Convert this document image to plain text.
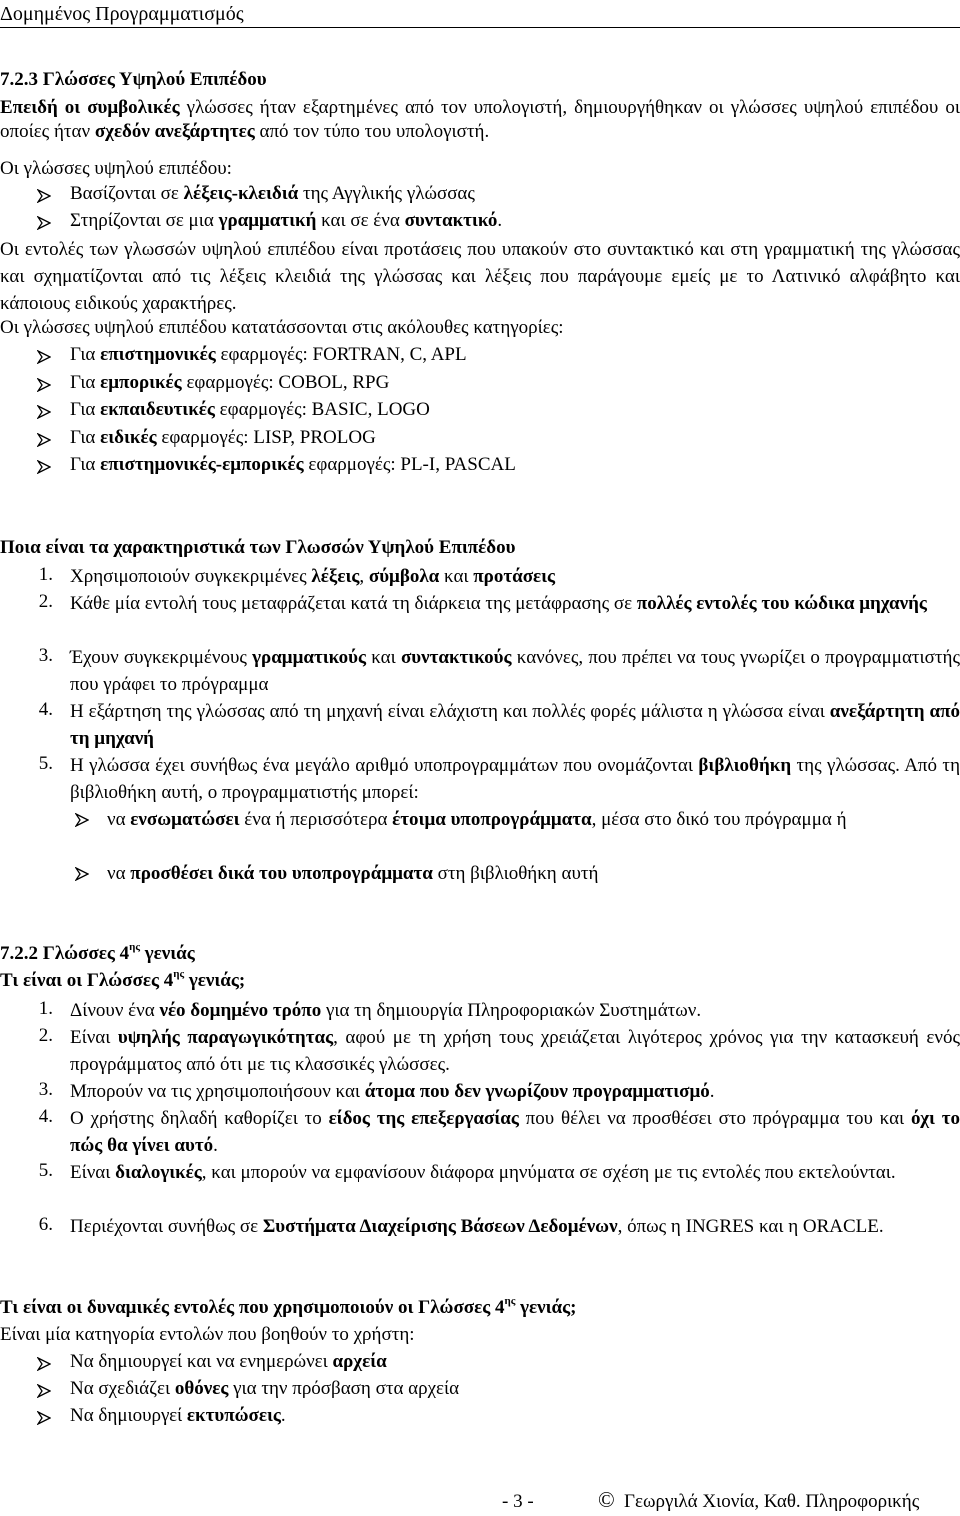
Δομημένος Προγραμματισμός
7.2.3 Γλώσσες Υψηλού Επιπέδου
Επειδή οι συμβολικές γλώσσες ήταν εξαρτημένες από τον υπολογιστή, δημιουργήθηκαν οι γλώσσες υψηλού επιπέδου οι οποίες ήταν σχεδόν ανεξάρτητες από τον τύπο του υπολογιστή.
Οι γλώσσες υψηλού επιπέδου:
Βασίζονται σε λέξεις-κλειδιά της Αγγλικής γλώσσας
Στηρίζονται σε μια γραμματική και σε ένα συντακτικό.
Οι εντολές των γλωσσών υψηλού επιπέδου είναι προτάσεις που υπακούν στο συντακτικό και στη γραμματική της γλώσσας και σχηματίζονται από τις λέξεις κλειδιά της γλώσσας και λέξεις που παράγουμε εμείς με το Λατινικό αλφάβητο και κάποιους ειδικούς χαρακτήρες.
Οι γλώσσες υψηλού επιπέδου κατατάσσονται στις ακόλουθες κατηγορίες:
Για επιστημονικές εφαρμογές: FORTRAN, C, APL
Για εμπορικές εφαρμογές: COBOL, RPG
Για εκπαιδευτικές εφαρμογές: BASIC, LOGO
Για ειδικές εφαρμογές: LISP, PROLOG
Για επιστημονικές-εμπορικές εφαρμογές: PL-I, PASCAL
Ποια είναι τα χαρακτηριστικά των Γλωσσών Υψηλού Επιπέδου
1. Χρησιμοποιούν συγκεκριμένες λέξεις, σύμβολα και προτάσεις
2. Κάθε μία εντολή τους μεταφράζεται κατά τη διάρκεια της μετάφρασης σε πολλές εντολές του κώδικα μηχανής
3. Έχουν συγκεκριμένους γραμματικούς και συντακτικούς κανόνες, που πρέπει να τους γνωρίζει ο προγραμματιστής που γράφει το πρόγραμμα
4. Η εξάρτηση της γλώσσας από τη μηχανή είναι ελάχιστη και πολλές φορές μάλιστα η γλώσσα είναι ανεξάρτητη από τη μηχανή
5. Η γλώσσα έχει συνήθως ένα μεγάλο αριθμό υποπρογραμμάτων που ονομάζονται βιβλιοθήκη της γλώσσας. Από τη βιβλιοθήκη αυτή, ο προγραμματιστής μπορεί:
να ενσωματώσει ένα ή περισσότερα έτοιμα υποπρογράμματα, μέσα στο δικό του πρόγραμμα ή
να προσθέσει δικά του υποπρογράμματα στη βιβλιοθήκη αυτή
7.2.2 Γλώσσες $4^{\eta\varsigma}$ γενιάς
Τι είναι οι Γλώσσες $4^{\eta\varsigma}$ γενιάς;
1. Δίνουν ένα νέο δομημένο τρόπο για τη δημιουργία Πληροφοριακών Συστημάτων.
2. Είναι υψηλής παραγωγικότητας, αφού με τη χρήση τους χρειάζεται λιγότερος χρόνος για την κατασκευή ενός προγράμματος από ότι με τις κλασσικές γλώσσες.
3. Μπορούν να τις χρησιμοποιήσουν και άτομα που δεν γνωρίζουν προγραμματισμό.
4. Ο χρήστης δηλαδή καθορίζει το είδος της επεξεργασίας που θέλει να προσθέσει στο πρόγραμμα του και όχι το πώς θα γίνει αυτό.
5. Είναι διαλογικές, και μπορούν να εμφανίσουν διάφορα μηνύματα σε σχέση με τις εντολές που εκτελούνται.
6. Περιέχονται συνήθως σε Συστήματα Διαχείρισης Βάσεων Δεδομένων, όπως η INGRES και η ORACLE.
Τι είναι οι δυναμικές εντολές που χρησιμοποιούν οι Γλώσσες $4^{\eta\varsigma}$ γενιάς;
Είναι μία κατηγορία εντολών που βοηθούν το χρήστη:
Να δημιουργεί και να ενημερώνει αρχεία
Να σχεδιάζει οθόνες για την πρόσβαση στα αρχεία
Να δημιουργεί εκτυπώσεις.
- 3 -	© Γεωργιλά Χιονία, Καθ. Πληροφορικής
